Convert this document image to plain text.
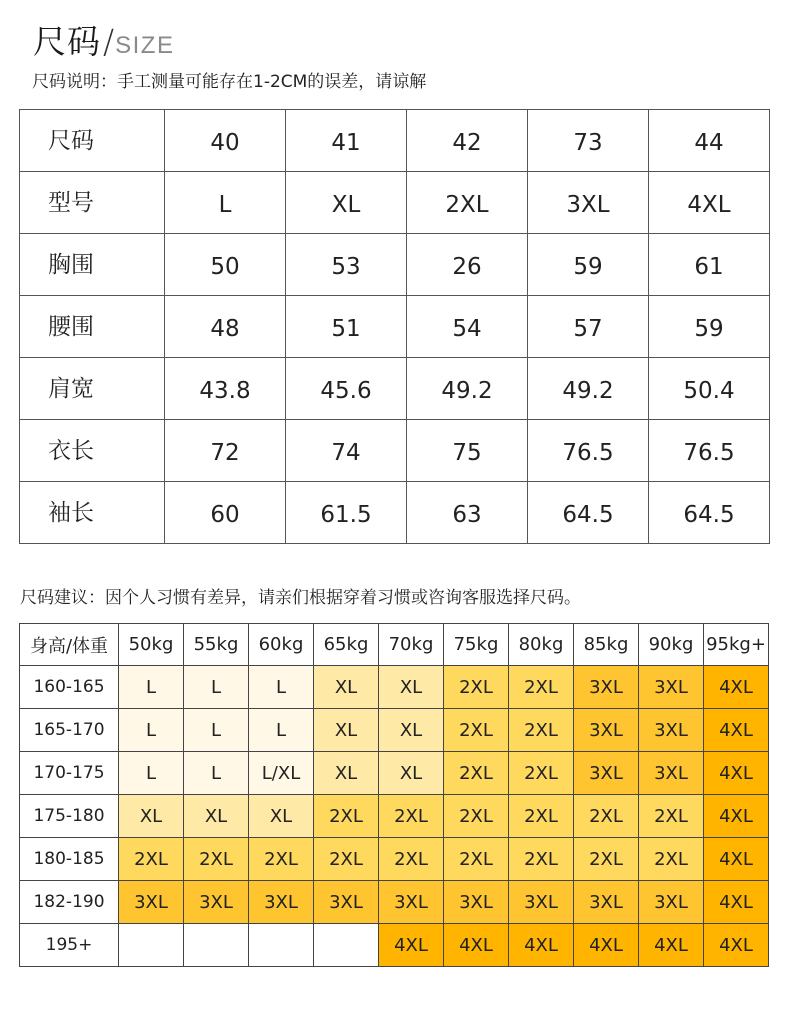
尺码/SIZE
尺码说明：手工测量可能存在1-2CM的误差，请谅解
尺码	40	41	42	73	44
型号	L	XL	2XL	3XL	4XL
胸围	50	53	26	59	61
腰围	48	51	54	57	59
肩宽	43.8	45.6	49.2	49.2	50.4
衣长	72	74	75	76.5	76.5
袖长	60	61.5	63	64.5	64.5
尺码建议：因个人习惯有差异，请亲们根据穿着习惯或咨询客服选择尺码。
身高/体重	50kg	55kg	60kg	65kg	70kg	75kg	80kg	85kg	90kg	95kg+
160-165	L	L	L	XL	XL	2XL	2XL	3XL	3XL	4XL
165-170	L	L	L	XL	XL	2XL	2XL	3XL	3XL	4XL
170-175	L	L	L/XL	XL	XL	2XL	2XL	3XL	3XL	4XL
175-180	XL	XL	XL	2XL	2XL	2XL	2XL	2XL	2XL	4XL
180-185	2XL	2XL	2XL	2XL	2XL	2XL	2XL	2XL	2XL	4XL
182-190	3XL	3XL	3XL	3XL	3XL	3XL	3XL	3XL	3XL	4XL
195+					4XL	4XL	4XL	4XL	4XL	4XL
